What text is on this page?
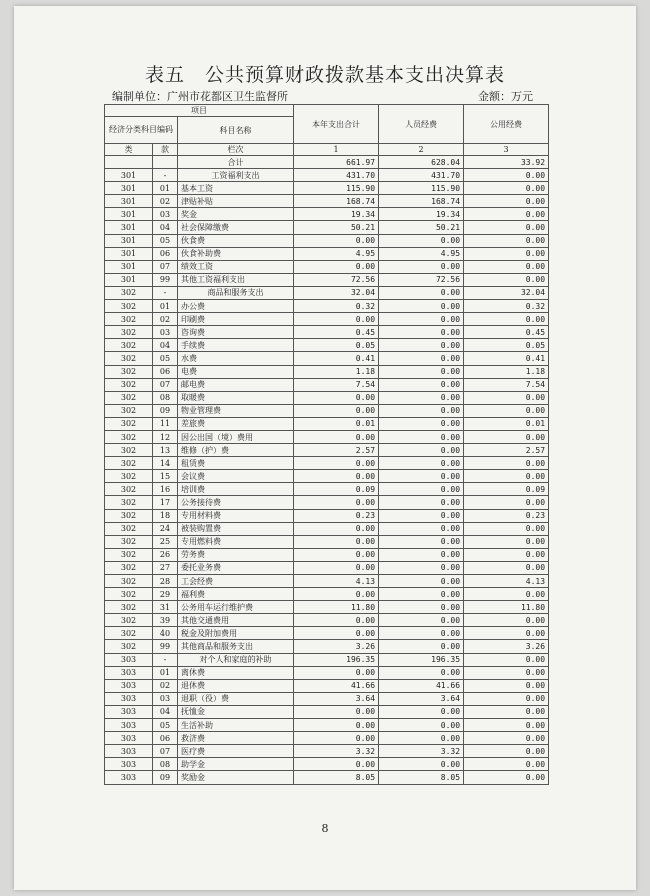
表五　公共预算财政拨款基本支出决算表
编制单位：广州市花都区卫生监督所	金额：万元
项目			本年支出合计	人员经费	公用经费
经济分类科目编码		科目名称			
类	款				
		栏次	1	2	3
		合计	661.97	628.04	33.92
301	-	工资福利支出	431.70	431.70	0.00
301	01	基本工资	115.90	115.90	0.00
301	02	津贴补贴	168.74	168.74	0.00
301	03	奖金	19.34	19.34	0.00
301	04	社会保障缴费	50.21	50.21	0.00
301	05	伙食费	0.00	0.00	0.00
301	06	伙食补助费	4.95	4.95	0.00
301	07	绩效工资	0.00	0.00	0.00
301	99	其他工资福利支出	72.56	72.56	0.00
302	-	商品和服务支出	32.04	0.00	32.04
302	01	办公费	0.32	0.00	0.32
302	02	印刷费	0.00	0.00	0.00
302	03	咨询费	0.45	0.00	0.45
302	04	手续费	0.05	0.00	0.05
302	05	水费	0.41	0.00	0.41
302	06	电费	1.18	0.00	1.18
302	07	邮电费	7.54	0.00	7.54
302	08	取暖费	0.00	0.00	0.00
302	09	物业管理费	0.00	0.00	0.00
302	11	差旅费	0.01	0.00	0.01
302	12	因公出国（境）费用	0.00	0.00	0.00
302	13	维修（护）费	2.57	0.00	2.57
302	14	租赁费	0.00	0.00	0.00
302	15	会议费	0.00	0.00	0.00
302	16	培训费	0.09	0.00	0.09
302	17	公务接待费	0.00	0.00	0.00
302	18	专用材料费	0.23	0.00	0.23
302	24	被装购置费	0.00	0.00	0.00
302	25	专用燃料费	0.00	0.00	0.00
302	26	劳务费	0.00	0.00	0.00
302	27	委托业务费	0.00	0.00	0.00
302	28	工会经费	4.13	0.00	4.13
302	29	福利费	0.00	0.00	0.00
302	31	公务用车运行维护费	11.80	0.00	11.80
302	39	其他交通费用	0.00	0.00	0.00
302	40	税金及附加费用	0.00	0.00	0.00
302	99	其他商品和服务支出	3.26	0.00	3.26
303	-	对个人和家庭的补助	196.35	196.35	0.00
303	01	离休费	0.00	0.00	0.00
303	02	退休费	41.66	41.66	0.00
303	03	退职（役）费	3.64	3.64	0.00
303	04	抚恤金	0.00	0.00	0.00
303	05	生活补助	0.00	0.00	0.00
303	06	救济费	0.00	0.00	0.00
303	07	医疗费	3.32	3.32	0.00
303	08	助学金	0.00	0.00	0.00
303	09	奖励金	8.05	8.05	0.00
8
